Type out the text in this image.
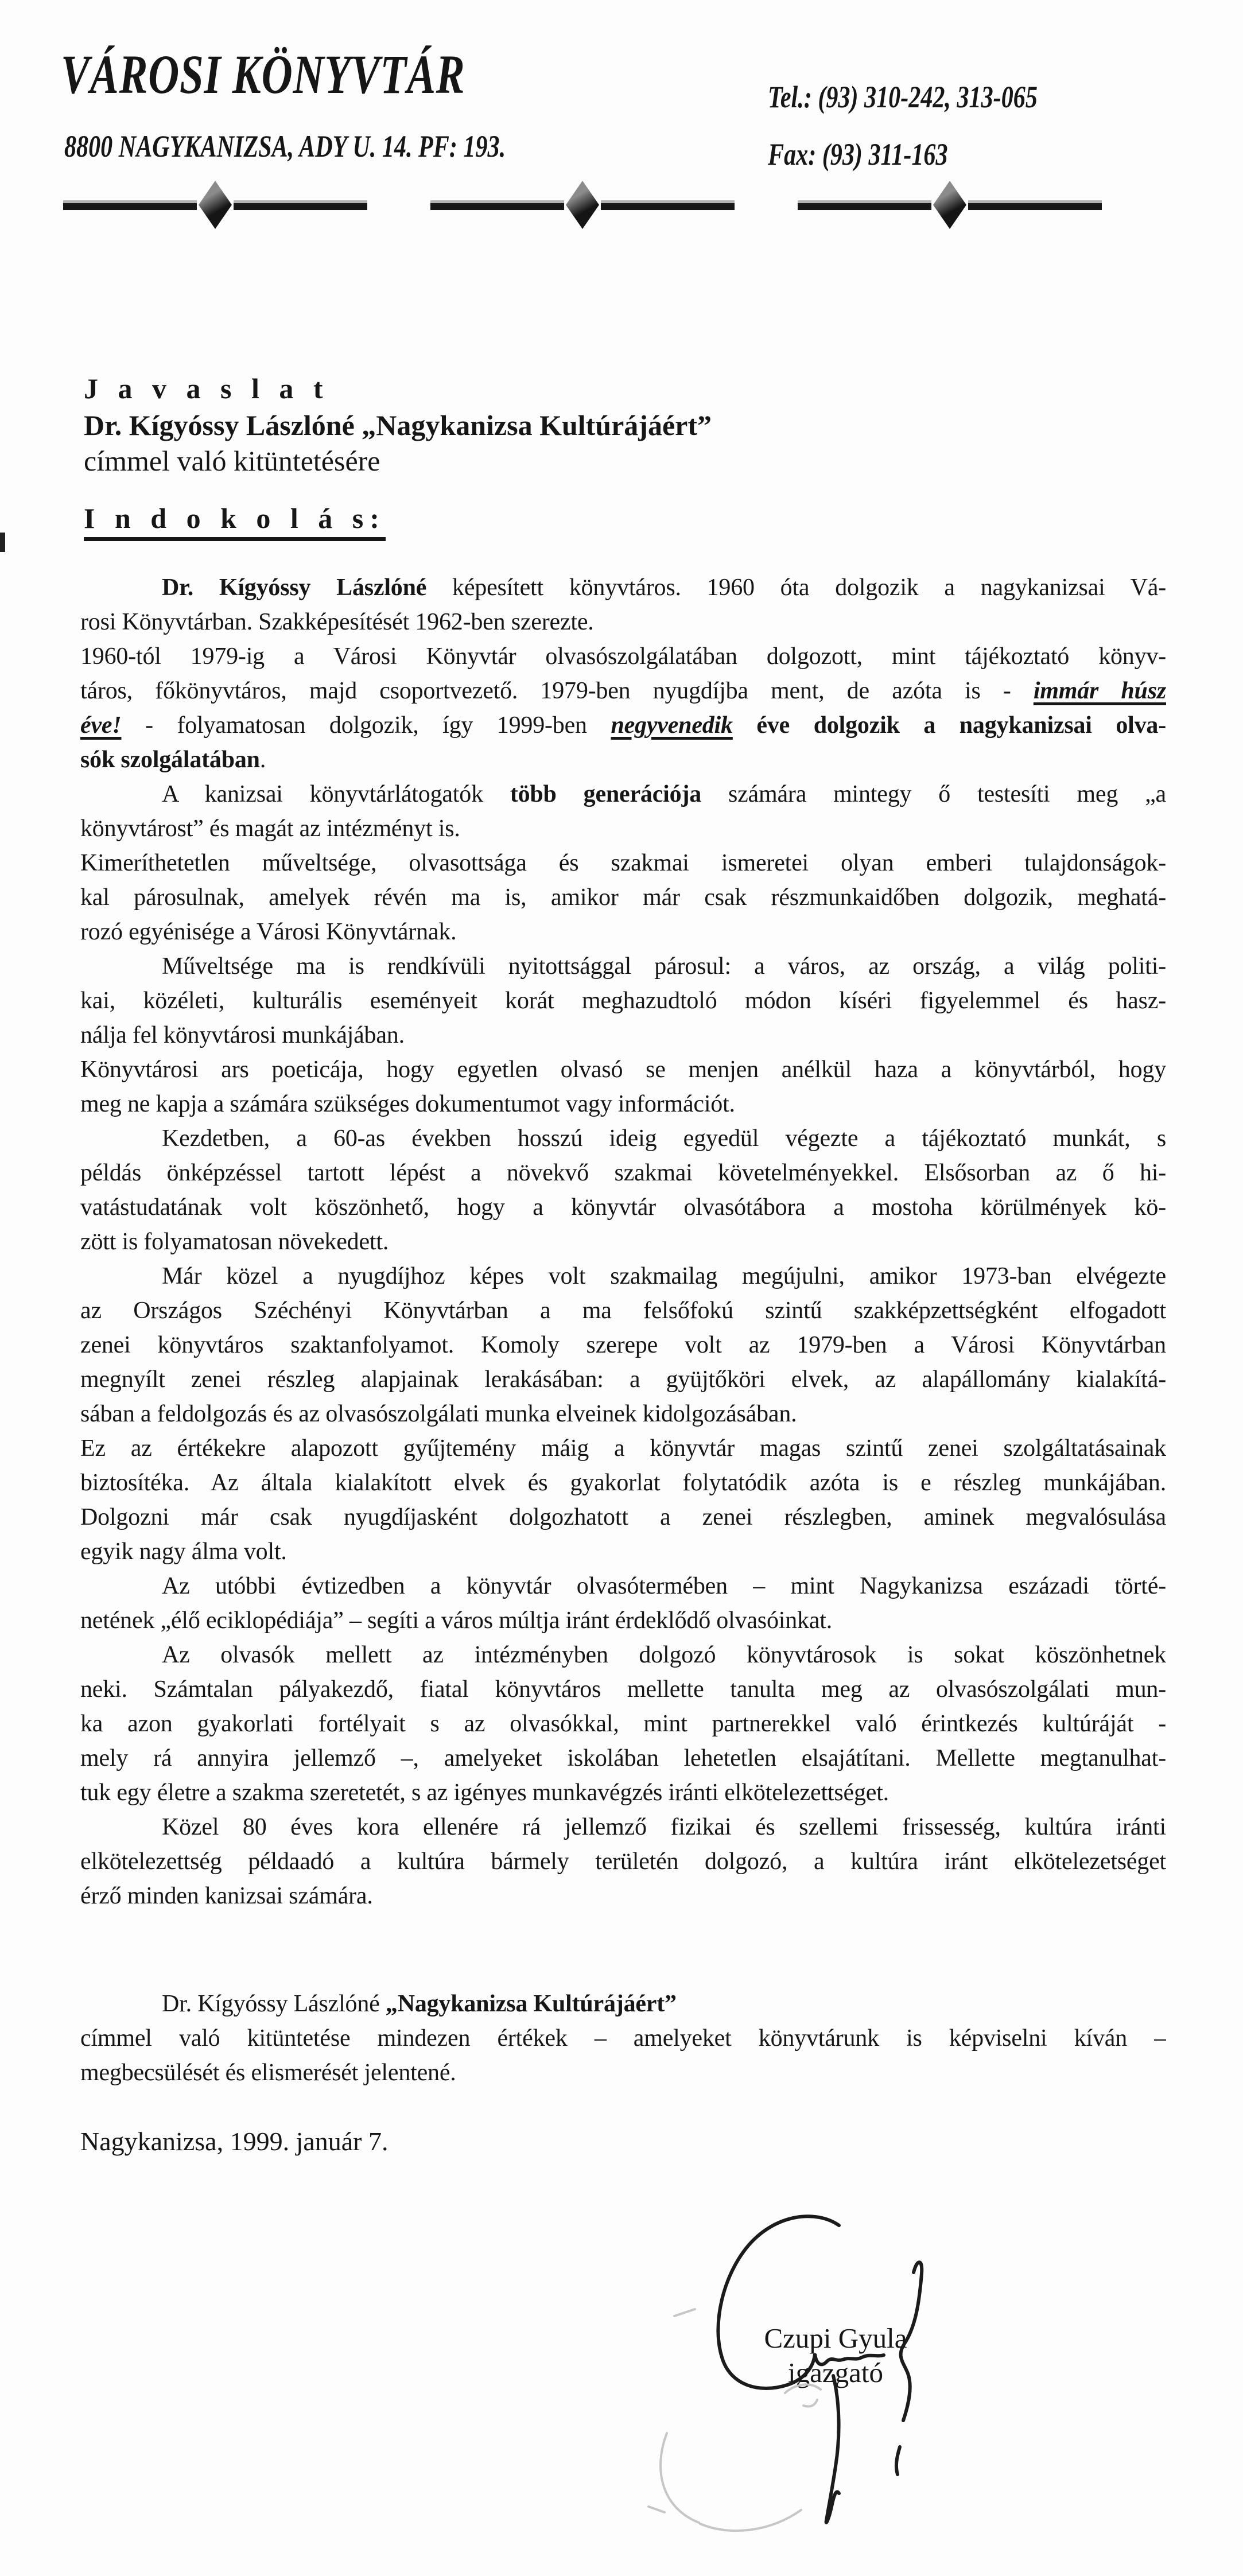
VÁROSI KÖNYVTÁR	Tel.: (93) 310-242, 313-065
8800 NAGYKANIZSA, ADY U. 14. PF: 193.	Fax: (93) 311-163
J a v a s l a t
Dr. Kígyóssy Lászlóné „Nagykanizsa Kultúrájáért”
címmel való kitüntetésére
I n d o k o l á s:
Dr. Kígyóssy Lászlóné képesített könyvtáros. 1960 óta dolgozik a nagykanizsai Vá-
rosi Könyvtárban. Szakképesítését 1962-ben szerezte.
1960-tól 1979-ig a Városi Könyvtár olvasószolgálatában dolgozott, mint tájékoztató könyv-
táros, főkönyvtáros, majd csoportvezető. 1979-ben nyugdíjba ment, de azóta is - immár húsz
éve! - folyamatosan dolgozik, így 1999-ben negyvenedik éve dolgozik a nagykanizsai olva-
sók szolgálatában.
A kanizsai könyvtárlátogatók több generációja számára mintegy ő testesíti meg „a
könyvtárost” és magát az intézményt is.
Kimeríthetetlen műveltsége, olvasottsága és szakmai ismeretei olyan emberi tulajdonságok-
kal párosulnak, amelyek révén ma is, amikor már csak részmunkaidőben dolgozik, meghatá-
rozó egyénisége a Városi Könyvtárnak.
Műveltsége ma is rendkívüli nyitottsággal párosul: a város, az ország, a világ politi-
kai, közéleti, kulturális eseményeit korát meghazudtoló módon kíséri figyelemmel és hasz-
nálja fel könyvtárosi munkájában.
Könyvtárosi ars poeticája, hogy egyetlen olvasó se menjen anélkül haza a könyvtárból, hogy
meg ne kapja a számára szükséges dokumentumot vagy információt.
Kezdetben, a 60-as években hosszú ideig egyedül végezte a tájékoztató munkát, s
példás önképzéssel tartott lépést a növekvő szakmai követelményekkel. Elsősorban az ő hi-
vatástudatának volt köszönhető, hogy a könyvtár olvasótábora a mostoha körülmények kö-
zött is folyamatosan növekedett.
Már közel a nyugdíjhoz képes volt szakmailag megújulni, amikor 1973-ban elvégezte
az Országos Széchényi Könyvtárban a ma felsőfokú szintű szakképzettségként elfogadott
zenei könyvtáros szaktanfolyamot. Komoly szerepe volt az 1979-ben a Városi Könyvtárban
megnyílt zenei részleg alapjainak lerakásában: a gyüjtőköri elvek, az alapállomány kialakítá-
sában a feldolgozás és az olvasószolgálati munka elveinek kidolgozásában.
Ez az értékekre alapozott gyűjtemény máig a könyvtár magas szintű zenei szolgáltatásainak
biztosítéka. Az általa kialakított elvek és gyakorlat folytatódik azóta is e részleg munkájában.
Dolgozni már csak nyugdíjasként dolgozhatott a zenei részlegben, aminek megvalósulása
egyik nagy álma volt.
Az utóbbi évtizedben a könyvtár olvasótermében – mint Nagykanizsa eszázadi törté-
netének „élő eciklopédiája” – segíti a város múltja iránt érdeklődő olvasóinkat.
Az olvasók mellett az intézményben dolgozó könyvtárosok is sokat köszönhetnek
neki. Számtalan pályakezdő, fiatal könyvtáros mellette tanulta meg az olvasószolgálati mun-
ka azon gyakorlati fortélyait s az olvasókkal, mint partnerekkel való érintkezés kultúráját -
mely rá annyira jellemző –, amelyeket iskolában lehetetlen elsajátítani. Mellette megtanulhat-
tuk egy életre a szakma szeretetét, s az igényes munkavégzés iránti elkötelezettséget.
Közel 80 éves kora ellenére rá jellemző fizikai és szellemi frissesség, kultúra iránti
elkötelezettség példaadó a kultúra bármely területén dolgozó, a kultúra iránt elkötelezetséget
érző minden kanizsai számára.
Dr. Kígyóssy Lászlóné „Nagykanizsa Kultúrájáért”
címmel való kitüntetése mindezen értékek – amelyeket könyvtárunk is képviselni kíván –
megbecsülését és elismerését jelentené.
Nagykanizsa, 1999. január 7.
Czupi Gyula
igazgató
